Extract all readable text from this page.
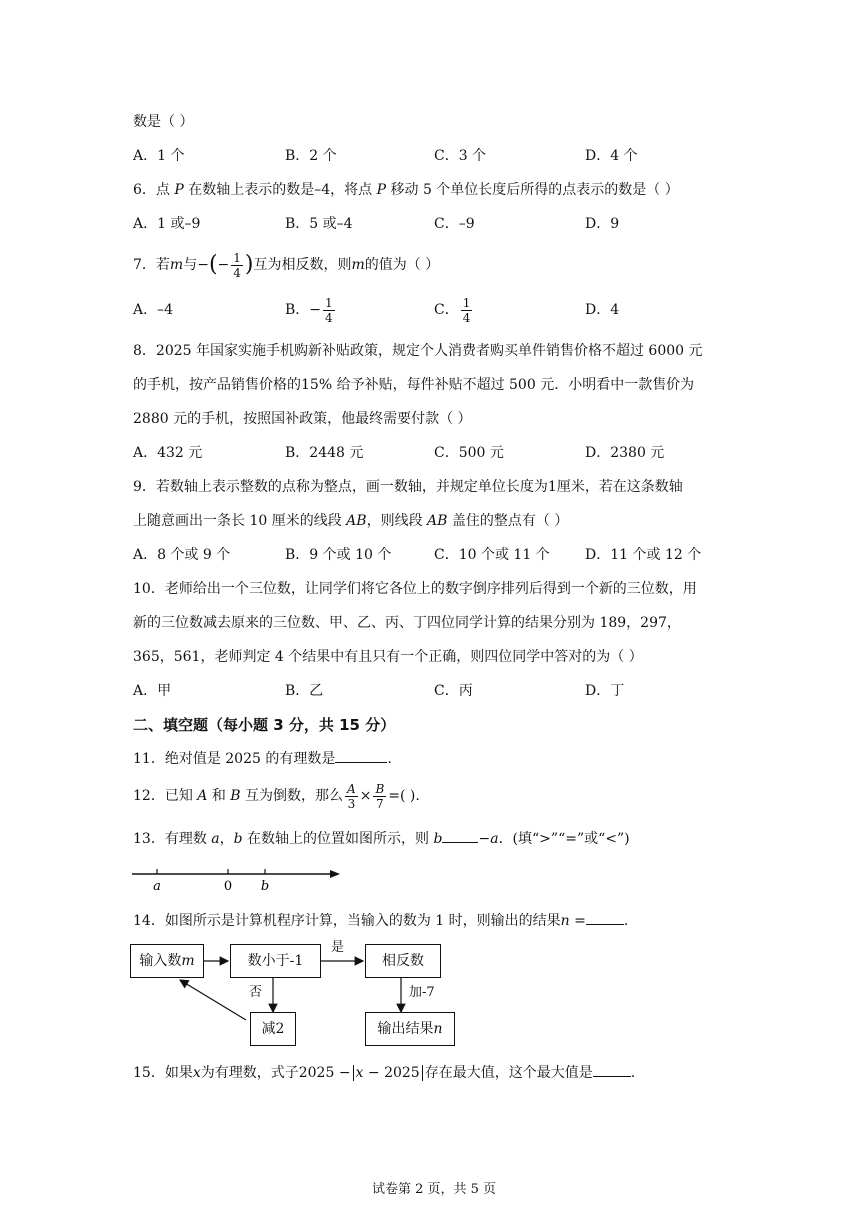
数是（ ）
A．1 个	B．2 个	C．3 个	D．4 个
6．点 P 在数轴上表示的数是–4，将点 P 移动 5 个单位长度后所得的点表示的数是（ ）
A．1 或–9	B．5 或–4	C．–9	D．9
7．若m与−(− $\frac{1}{4}$ )互为相反数，则m的值为（ ）
A．–4	B．− $\frac{1}{4}$	C． $\frac{1}{4}$	D．4
8．2025 年国家实施手机购新补贴政策，规定个人消费者购买单件销售价格不超过 6000 元
的手机，按产品销售价格的15% 给予补贴，每件补贴不超过 500 元．小明看中一款售价为
2880 元的手机，按照国补政策，他最终需要付款（ ）
A．432 元	B．2448 元	C．500 元	D．2380 元
9．若数轴上表示整数的点称为整点，画一数轴，并规定单位长度为1厘米，若在这条数轴
上随意画出一条长 10 厘米的线段 AB，则线段 AB 盖住的整点有（ ）
A．8 个或 9 个	B．9 个或 10 个	C．10 个或 11 个	D．11 个或 12 个
10．老师给出一个三位数，让同学们将它各位上的数字倒序排列后得到一个新的三位数，用
新的三位数减去原来的三位数、甲、乙、丙、丁四位同学计算的结果分别为 189，297，
365，561，老师判定 4 个结果中有且只有一个正确，则四位同学中答对的为（ ）
A．甲	B．乙	C．丙	D．丁
二、填空题（每小题 3 分，共 15 分）
11．绝对值是 2025 的有理数是	.
12．已知 A 和 B 互为倒数，那么 $\frac{A}{3} \times \frac{B}{7}$ =( ).
13．有理数 a，b 在数轴上的位置如图所示，则 b	−a．(填“>”“=”或“<”)
a	0 b
14．如图所示是计算机程序计算，当输入的数为 1 时，则输出的结果n =	.
输入数m	数小于-1	相反数
减2	输出结果n
是
否	加-7
15．如果x为有理数，式子2025 − x − 2025 存在最大值，这个最大值是	.
试卷第 2 页，共 5 页
